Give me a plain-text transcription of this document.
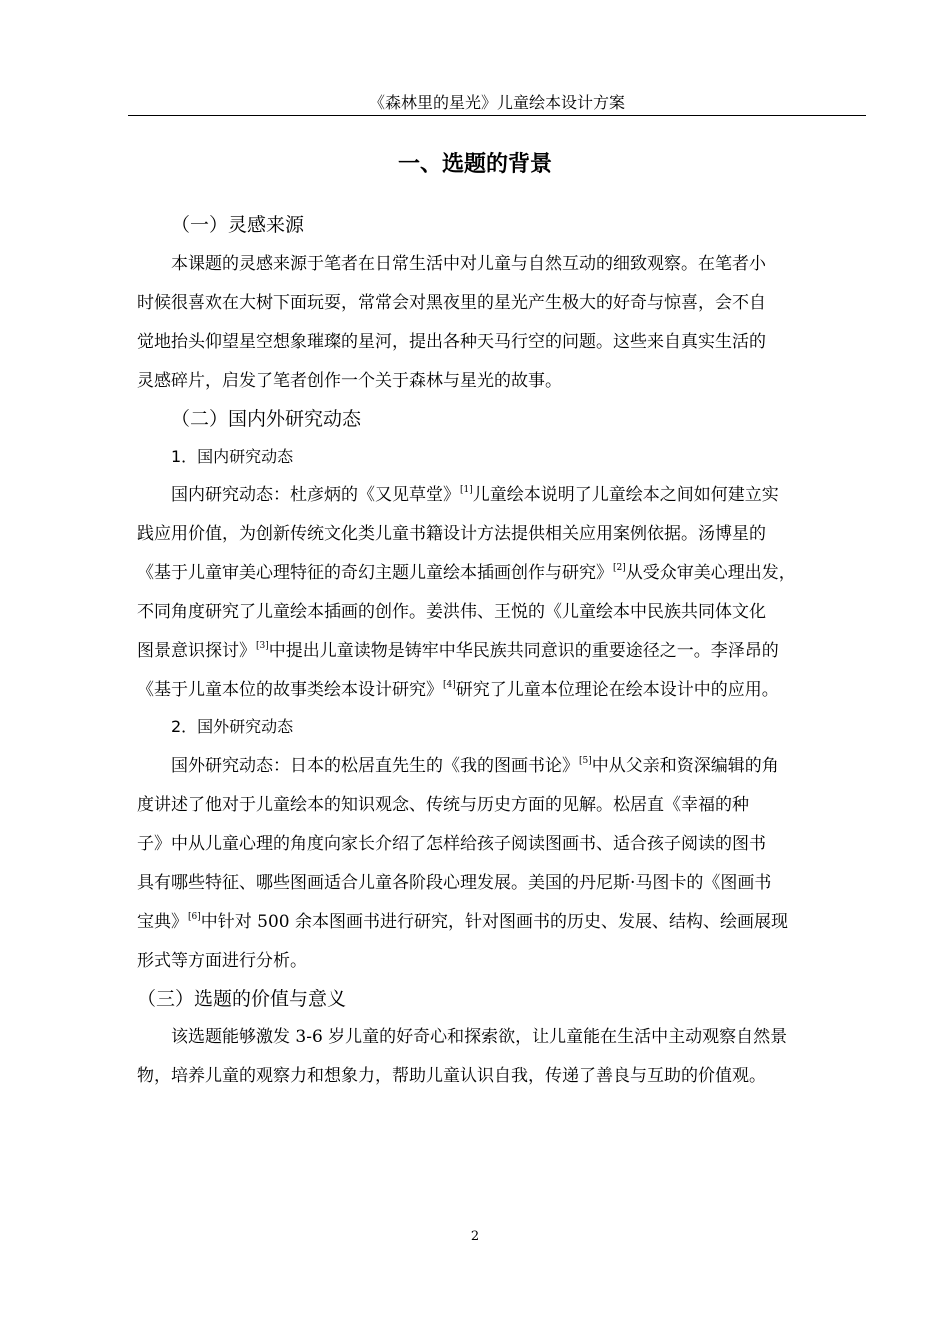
《森林里的星光》儿童绘本设计方案
一、选题的背景
（一）灵感来源
本课题的灵感来源于笔者在日常生活中对儿童与自然互动的细致观察。在笔者小
时候很喜欢在大树下面玩耍，常常会对黑夜里的星光产生极大的好奇与惊喜，会不自
觉地抬头仰望星空想象璀璨的星河，提出各种天马行空的问题。这些来自真实生活的
灵感碎片，启发了笔者创作一个关于森林与星光的故事。
（二）国内外研究动态
1．国内研究动态
国内研究动态：杜彦炳的《又见草堂》[1]儿童绘本说明了儿童绘本之间如何建立实
践应用价值，为创新传统文化类儿童书籍设计方法提供相关应用案例依据。汤博星的
《基于儿童审美心理特征的奇幻主题儿童绘本插画创作与研究》[2]从受众审美心理出发，
不同角度研究了儿童绘本插画的创作。姜洪伟、王悦的《儿童绘本中民族共同体文化
图景意识探讨》[3]中提出儿童读物是铸牢中华民族共同意识的重要途径之一。李泽昂的
《基于儿童本位的故事类绘本设计研究》[4]研究了儿童本位理论在绘本设计中的应用。
2．国外研究动态
国外研究动态：日本的松居直先生的《我的图画书论》[5]中从父亲和资深编辑的角
度讲述了他对于儿童绘本的知识观念、传统与历史方面的见解。松居直《幸福的种
子》中从儿童心理的角度向家长介绍了怎样给孩子阅读图画书、适合孩子阅读的图书
具有哪些特征、哪些图画适合儿童各阶段心理发展。美国的丹尼斯·马图卡的《图画书
宝典》[6]中针对 500 余本图画书进行研究，针对图画书的历史、发展、结构、绘画展现
形式等方面进行分析。
（三）选题的价值与意义
该选题能够激发 3-6 岁儿童的好奇心和探索欲，让儿童能在生活中主动观察自然景
物，培养儿童的观察力和想象力，帮助儿童认识自我，传递了善良与互助的价值观。
2
